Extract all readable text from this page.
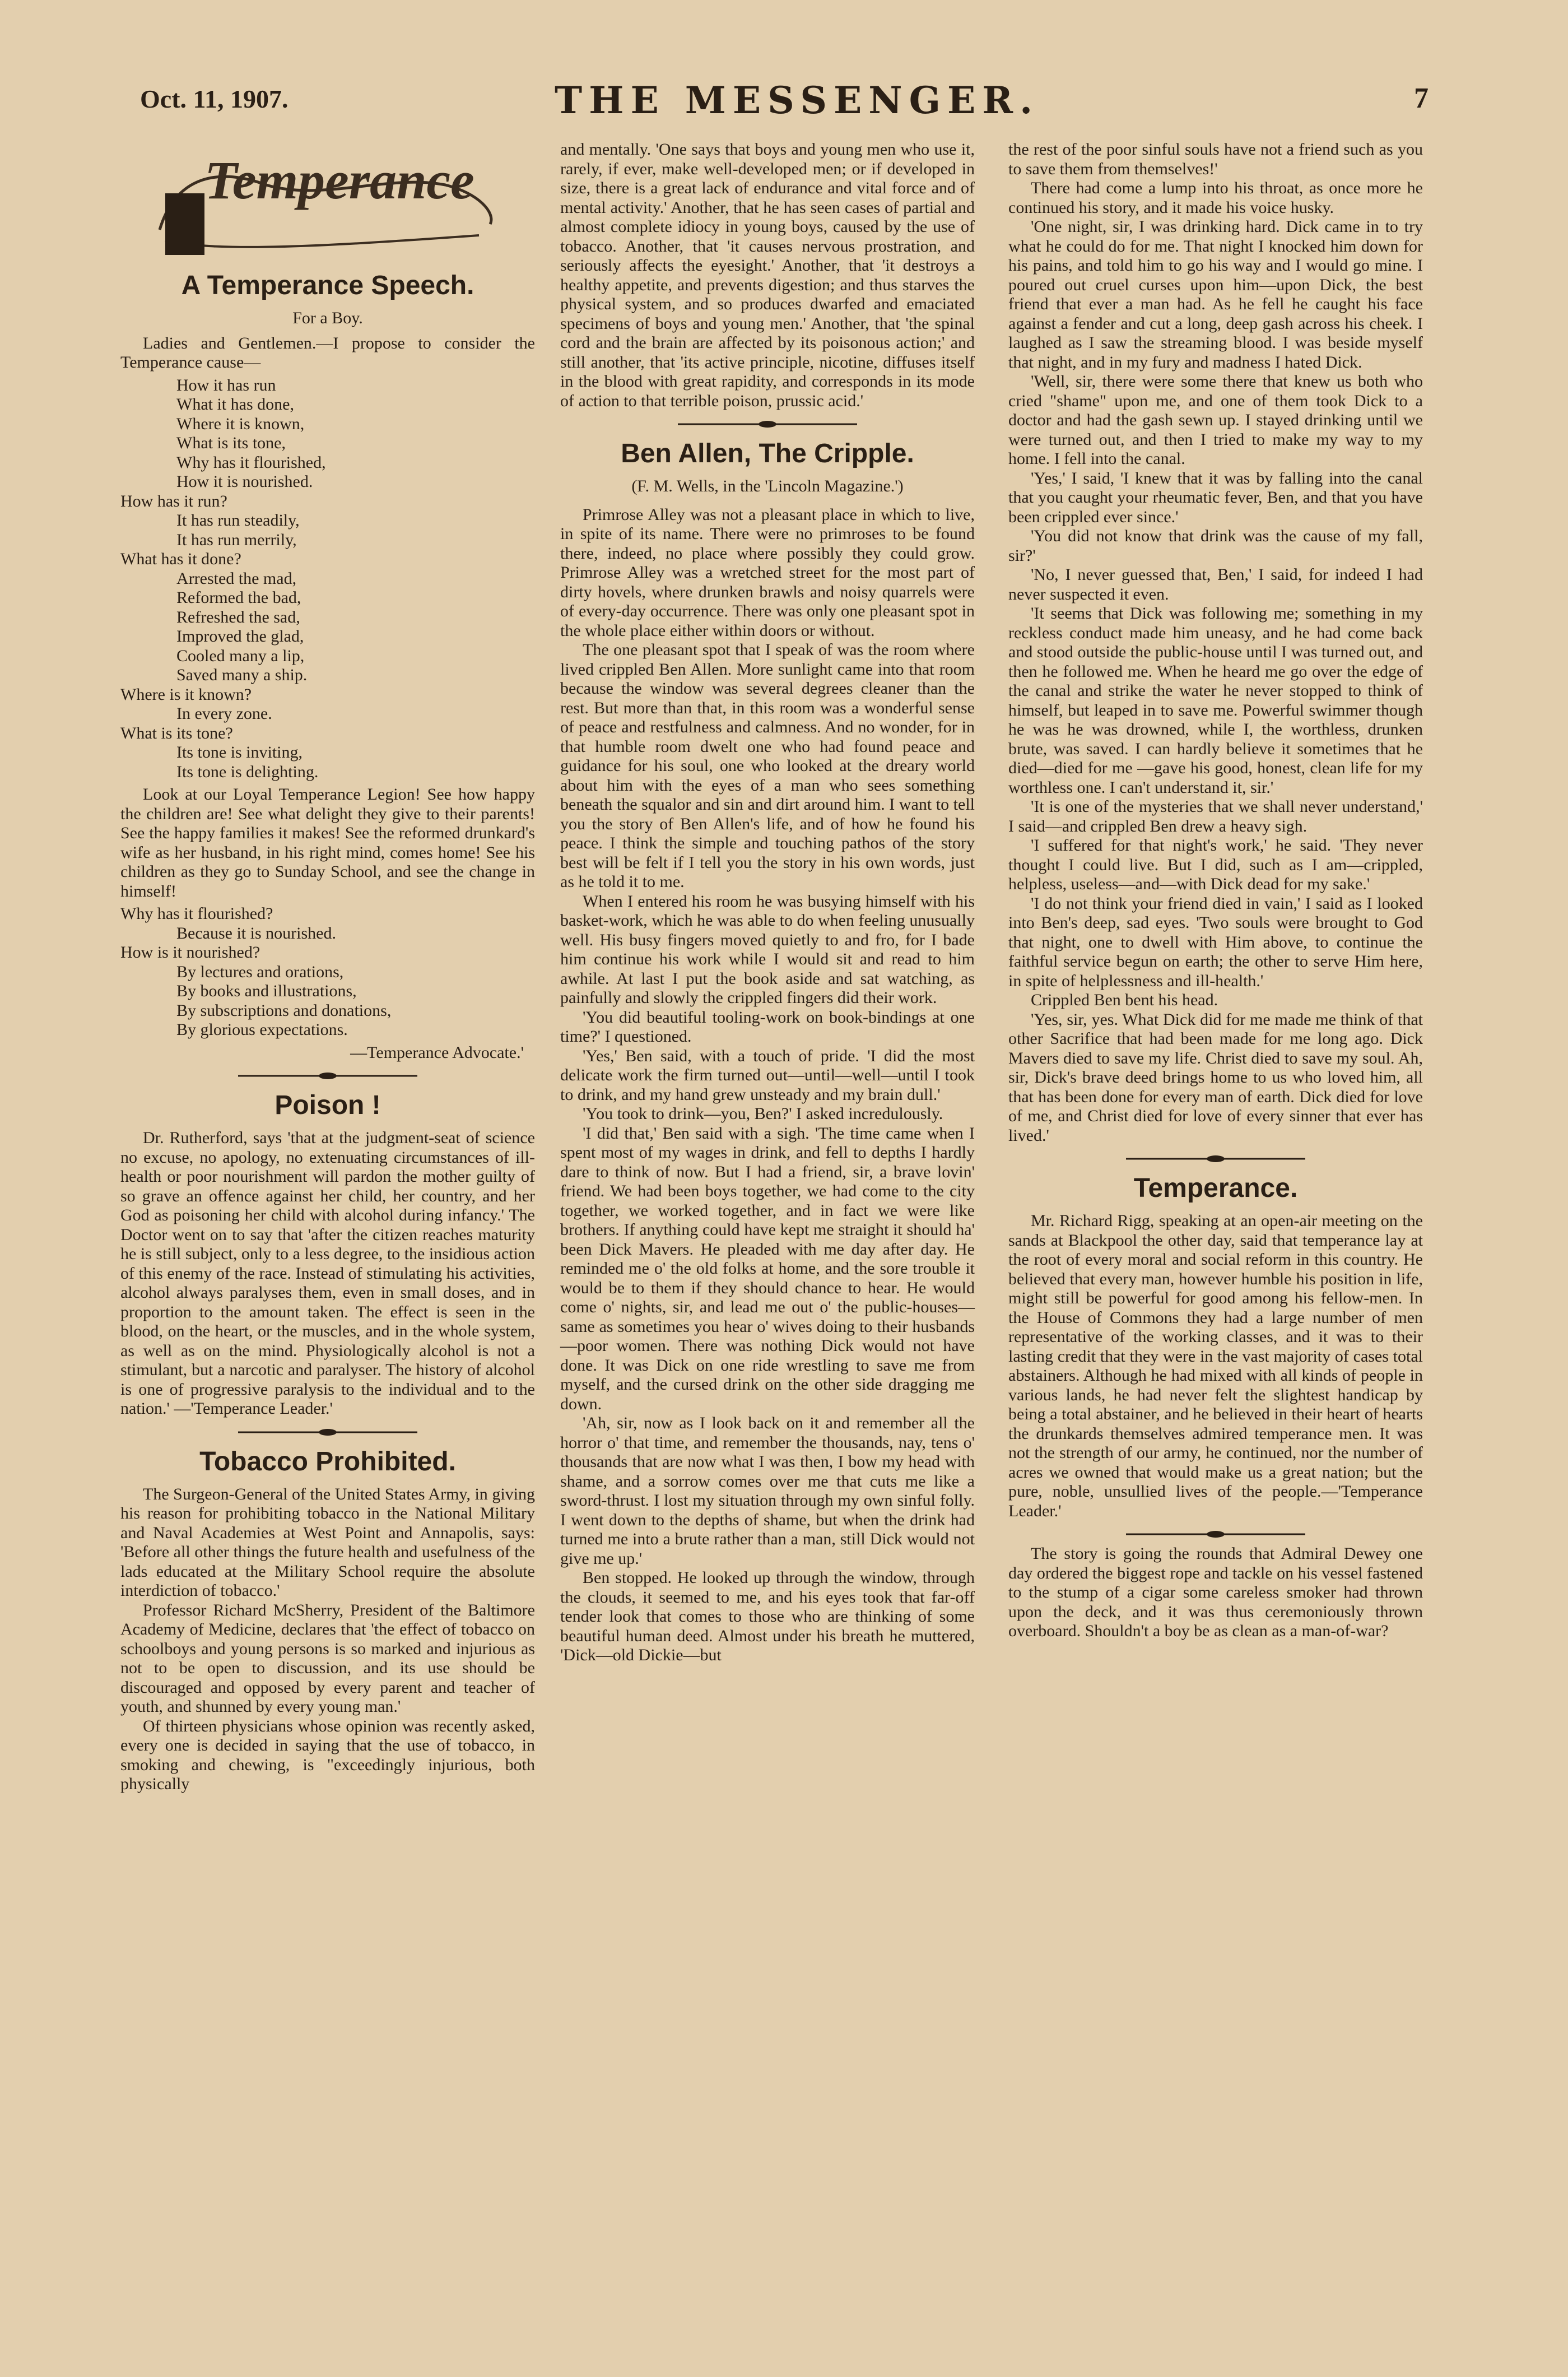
Oct. 11, 1907.	THE MESSENGER.	7
Temperance
A Temperance Speech.

For a Boy.

Ladies and Gentlemen.—I propose to consider the Temperance cause—

How it has run
What it has done,
Where it is known,
What is its tone,
Why has it flourished,
How it is nourished.
How has it run?
It has run steadily,
It has run merrily,
What has it done?
Arrested the mad,
Reformed the bad,
Refreshed the sad,
Improved the glad,
Cooled many a lip,
Saved many a ship.
Where is it known?
In every zone.
What is its tone?
Its tone is inviting,
Its tone is delighting.

Look at our Loyal Temperance Legion! See how happy the children are! See what delight they give to their parents! See the happy families it makes! See the reformed drunkard's wife as her husband, in his right mind, comes home! See his children as they go to Sunday School, and see the change in himself!

Why has it flourished?
Because it is nourished.
How is it nourished?
By lectures and orations,
By books and illustrations,
By subscriptions and donations,
By glorious expectations.

—Temperance Advocate.'

Poison !

Dr. Rutherford, says 'that at the judgment-seat of science no excuse, no apology, no extenuating circumstances of ill-health or poor nourishment will pardon the mother guilty of so grave an offence against her child, her country, and her God as poisoning her child with alcohol during infancy.' The Doctor went on to say that 'after the citizen reaches maturity he is still subject, only to a less degree, to the insidious action of this enemy of the race. Instead of stimulating his activities, alcohol always paralyses them, even in small doses, and in proportion to the amount taken. The effect is seen in the blood, on the heart, or the muscles, and in the whole system, as well as on the mind. Physiologically alcohol is not a stimulant, but a narcotic and paralyser. The history of alcohol is one of progressive paralysis to the individual and to the nation.' —'Temperance Leader.'

Tobacco Prohibited.

The Surgeon-General of the United States Army, in giving his reason for prohibiting tobacco in the National Military and Naval Academies at West Point and Annapolis, says: 'Before all other things the future health and usefulness of the lads educated at the Military School require the absolute interdiction of tobacco.'

Professor Richard McSherry, President of the Baltimore Academy of Medicine, declares that 'the effect of tobacco on schoolboys and young persons is so marked and injurious as not to be open to discussion, and its use should be discouraged and opposed by every parent and teacher of youth, and shunned by every young man.'

Of thirteen physicians whose opinion was recently asked, every one is decided in saying that the use of tobacco, in smoking and chewing, is "exceedingly injurious, both physically

and mentally. 'One says that boys and young men who use it, rarely, if ever, make well-developed men; or if developed in size, there is a great lack of endurance and vital force and of mental activity.' Another, that he has seen cases of partial and almost complete idiocy in young boys, caused by the use of tobacco. Another, that 'it causes nervous prostration, and seriously affects the eyesight.' Another, that 'it destroys a healthy appetite, and prevents digestion; and thus starves the physical system, and so produces dwarfed and emaciated specimens of boys and young men.' Another, that 'the spinal cord and the brain are affected by its poisonous action;' and still another, that 'its active principle, nicotine, diffuses itself in the blood with great rapidity, and corresponds in its mode of action to that terrible poison, prussic acid.'

Ben Allen, The Cripple.

(F. M. Wells, in the 'Lincoln Magazine.')

Primrose Alley was not a pleasant place in which to live, in spite of its name. There were no primroses to be found there, indeed, no place where possibly they could grow. Primrose Alley was a wretched street for the most part of dirty hovels, where drunken brawls and noisy quarrels were of every-day occurrence. There was only one pleasant spot in the whole place either within doors or without.

The one pleasant spot that I speak of was the room where lived crippled Ben Allen. More sunlight came into that room because the window was several degrees cleaner than the rest. But more than that, in this room was a wonderful sense of peace and restfulness and calmness. And no wonder, for in that humble room dwelt one who had found peace and guidance for his soul, one who looked at the dreary world about him with the eyes of a man who sees something beneath the squalor and sin and dirt around him. I want to tell you the story of Ben Allen's life, and of how he found his peace. I think the simple and touching pathos of the story best will be felt if I tell you the story in his own words, just as he told it to me.

When I entered his room he was busying himself with his basket-work, which he was able to do when feeling unusually well. His busy fingers moved quietly to and fro, for I bade him continue his work while I would sit and read to him awhile. At last I put the book aside and sat watching, as painfully and slowly the crippled fingers did their work.

'You did beautiful tooling-work on book-bindings at one time?' I questioned.

'Yes,' Ben said, with a touch of pride. 'I did the most delicate work the firm turned out—until—well—until I took to drink, and my hand grew unsteady and my brain dull.'

'You took to drink—you, Ben?' I asked incredulously.

'I did that,' Ben said with a sigh. 'The time came when I spent most of my wages in drink, and fell to depths I hardly dare to think of now. But I had a friend, sir, a brave lovin' friend. We had been boys together, we had come to the city together, we worked together, and in fact we were like brothers. If anything could have kept me straight it should ha' been Dick Mavers. He pleaded with me day after day. He reminded me o' the old folks at home, and the sore trouble it would be to them if they should chance to hear. He would come o' nights, sir, and lead me out o' the public-houses—same as sometimes you hear o' wives doing to their husbands—poor women. There was nothing Dick would not have done. It was Dick on one ride wrestling to save me from myself, and the cursed drink on the other side dragging me down.

'Ah, sir, now as I look back on it and remember all the horror o' that time, and remember the thousands, nay, tens o' thousands that are now what I was then, I bow my head with shame, and a sorrow comes over me that cuts me like a sword-thrust. I lost my situation through my own sinful folly. I went down to the depths of shame, but when the drink had turned me into a brute rather than a man, still Dick would not give me up.'

Ben stopped. He looked up through the window, through the clouds, it seemed to me, and his eyes took that far-off tender look that comes to those who are thinking of some beautiful human deed. Almost under his breath he muttered, 'Dick—old Dickie—but

the rest of the poor sinful souls have not a friend such as you to save them from themselves!'

There had come a lump into his throat, as once more he continued his story, and it made his voice husky.

'One night, sir, I was drinking hard. Dick came in to try what he could do for me. That night I knocked him down for his pains, and told him to go his way and I would go mine. I poured out cruel curses upon him—upon Dick, the best friend that ever a man had. As he fell he caught his face against a fender and cut a long, deep gash across his cheek. I laughed as I saw the streaming blood. I was beside myself that night, and in my fury and madness I hated Dick.

'Well, sir, there were some there that knew us both who cried "shame" upon me, and one of them took Dick to a doctor and had the gash sewn up. I stayed drinking until we were turned out, and then I tried to make my way to my home. I fell into the canal.

'Yes,' I said, 'I knew that it was by falling into the canal that you caught your rheumatic fever, Ben, and that you have been crippled ever since.'

'You did not know that drink was the cause of my fall, sir?'

'No, I never guessed that, Ben,' I said, for indeed I had never suspected it even.

'It seems that Dick was following me; something in my reckless conduct made him uneasy, and he had come back and stood outside the public-house until I was turned out, and then he followed me. When he heard me go over the edge of the canal and strike the water he never stopped to think of himself, but leaped in to save me. Powerful swimmer though he was he was drowned, while I, the worthless, drunken brute, was saved. I can hardly believe it sometimes that he died—died for me —gave his good, honest, clean life for my worthless one. I can't understand it, sir.'

'It is one of the mysteries that we shall never understand,' I said—and crippled Ben drew a heavy sigh.

'I suffered for that night's work,' he said. 'They never thought I could live. But I did, such as I am—crippled, helpless, useless—and—with Dick dead for my sake.'

'I do not think your friend died in vain,' I said as I looked into Ben's deep, sad eyes. 'Two souls were brought to God that night, one to dwell with Him above, to continue the faithful service begun on earth; the other to serve Him here, in spite of helplessness and ill-health.'

Crippled Ben bent his head.

'Yes, sir, yes. What Dick did for me made me think of that other Sacrifice that had been made for me long ago. Dick Mavers died to save my life. Christ died to save my soul. Ah, sir, Dick's brave deed brings home to us who loved him, all that has been done for every man of earth. Dick died for love of me, and Christ died for love of every sinner that ever has lived.'

Temperance.

Mr. Richard Rigg, speaking at an open-air meeting on the sands at Blackpool the other day, said that temperance lay at the root of every moral and social reform in this country. He believed that every man, however humble his position in life, might still be powerful for good among his fellow-men. In the House of Commons they had a large number of men representative of the working classes, and it was to their lasting credit that they were in the vast majority of cases total abstainers. Although he had mixed with all kinds of people in various lands, he had never felt the slightest handicap by being a total abstainer, and he believed in their heart of hearts the drunkards themselves admired temperance men. It was not the strength of our army, he continued, nor the number of acres we owned that would make us a great nation; but the pure, noble, unsullied lives of the people.—'Temperance Leader.'

The story is going the rounds that Admiral Dewey one day ordered the biggest rope and tackle on his vessel fastened to the stump of a cigar some careless smoker had thrown upon the deck, and it was thus ceremoniously thrown overboard. Shouldn't a boy be as clean as a man-of-war?
